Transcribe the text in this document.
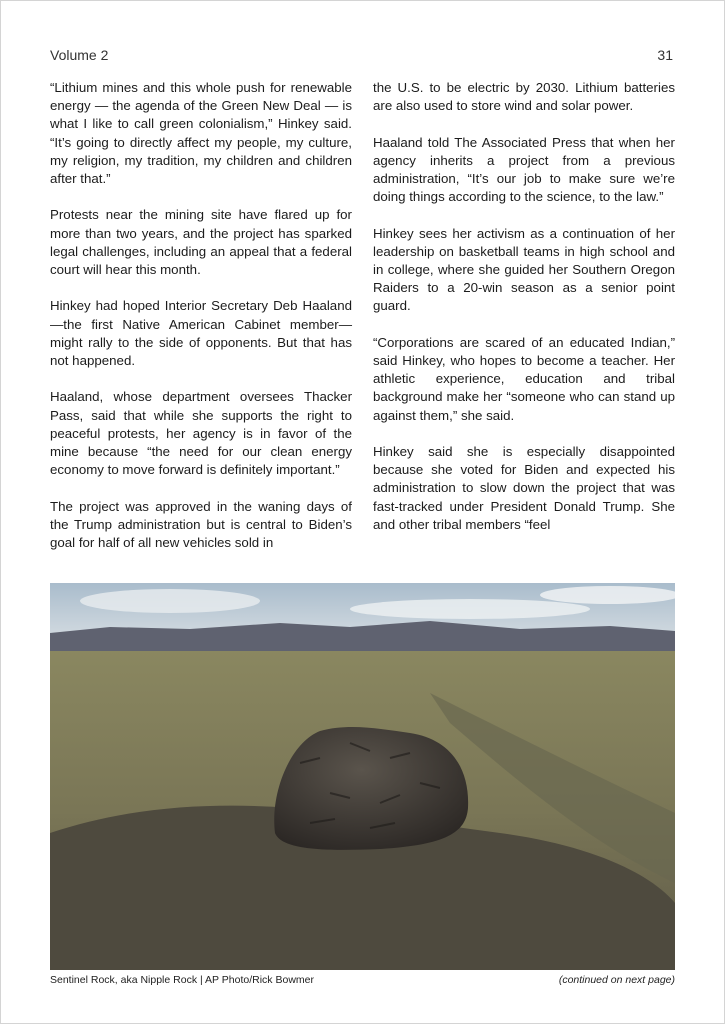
Volume 2	31

“Lithium mines and this whole push for renewable energy — the agenda of the Green New Deal — is what I like to call green colonialism,” Hinkey said. “It’s going to directly affect my people, my culture, my religion, my tradition, my children and children after that.”

Protests near the mining site have flared up for more than two years, and the project has sparked legal challenges, including an appeal that a federal court will hear this month.

Hinkey had hoped Interior Secretary Deb Haaland—the first Native American Cabinet member—might rally to the side of opponents. But that has not happened.

Haaland, whose department oversees Thacker Pass, said that while she supports the right to peaceful protests, her agency is in favor of the mine because “the need for our clean energy economy to move forward is definitely important.”

The project was approved in the waning days of the Trump administration but is central to Biden’s goal for half of all new vehicles sold in

the U.S. to be electric by 2030. Lithium batteries are also used to store wind and solar power.

Haaland told The Associated Press that when her agency inherits a project from a previous administration, “It’s our job to make sure we’re doing things according to the science, to the law.”

Hinkey sees her activism as a continuation of her leadership on basketball teams in high school and in college, where she guided her Southern Oregon Raiders to a 20-win season as a senior point guard.

“Corporations are scared of an educated Indian,” said Hinkey, who hopes to become a teacher. Her athletic experience, education and tribal background make her “someone who can stand up against them,” she said.

Hinkey said she is especially disappointed because she voted for Biden and expected his administration to slow down the project that was fast-tracked under President Donald Trump. She and other tribal members “feel

Sentinel Rock, aka Nipple Rock | AP Photo/Rick Bowmer	(continued on next page)
